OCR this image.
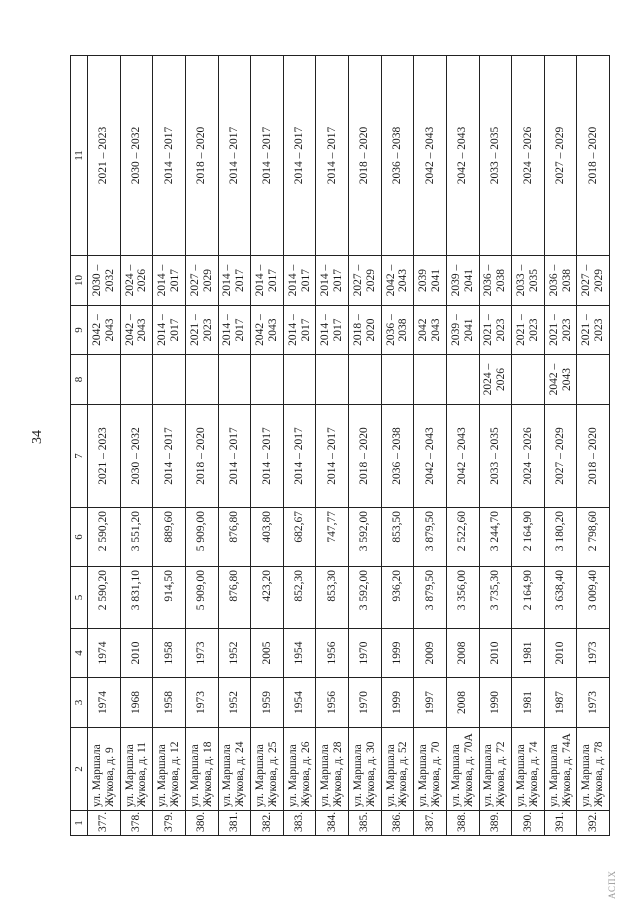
34
1	2	3	4	5	6	7	8	9	10	11
377.	ул. Маршала Жукова, д. 9	1974	1974	2 590,20	2 590,20	2021 – 2023		2042 – 2043	2030 – 2032	2021 – 2023
378.	ул. Маршала Жукова, д. 11	1968	2010	3 831,10	3 551,20	2030 – 2032		2042 – 2043	2024 – 2026	2030 – 2032
379.	ул. Маршала Жукова, д. 12	1958	1958	914,50	889,60	2014 – 2017		2014 – 2017	2014 – 2017	2014 – 2017
380.	ул. Маршала Жукова, д. 18	1973	1973	5 909,00	5 909,00	2018 – 2020		2021 – 2023	2027 – 2029	2018 – 2020
381.	ул. Маршала Жукова, д. 24	1952	1952	876,80	876,80	2014 – 2017		2014 – 2017	2014 – 2017	2014 – 2017
382.	ул. Маршала Жукова, д. 25	1959	2005	423,20	403,80	2014 – 2017		2042 – 2043	2014 – 2017	2014 – 2017
383.	ул. Маршала Жукова, д. 26	1954	1954	852,30	682,67	2014 – 2017		2014 – 2017	2014 – 2017	2014 – 2017
384.	ул. Маршала Жукова, д. 28	1956	1956	853,30	747,77	2014 – 2017		2014 – 2017	2014 – 2017	2014 – 2017
385.	ул. Маршала Жукова, д. 30	1970	1970	3 592,00	3 592,00	2018 – 2020		2018 – 2020	2027 – 2029	2018 – 2020
386.	ул. Маршала Жукова, д. 52	1999	1999	936,20	853,50	2036 – 2038		2036 – 2038	2042 – 2043	2036 – 2038
387.	ул. Маршала Жукова, д. 70	1997	2009	3 879,50	3 879,50	2042 – 2043		2042 2043	2039 2041	2042 – 2043
388.	ул. Маршала Жукова, д. 70А	2008	2008	3 356,00	2 522,60	2042 – 2043		2039 – 2041	2039 – 2041	2042 – 2043
389.	ул. Маршала Жукова, д. 72	1990	2010	3 735,30	3 244,70	2033 – 2035	2024 – 2026	2021 – 2023	2036 – 2038	2033 – 2035
390.	ул. Маршала Жукова, д. 74	1981	1981	2 164,90	2 164,90	2024 – 2026		2021 – 2023	2033 – 2035	2024 – 2026
391.	ул. Маршала Жукова, д. 74А	1987	2010	3 638,40	3 180,20	2027 – 2029	2042 – 2043	2021 – 2023	2036 – 2038	2027 – 2029
392.	ул. Маршала Жукова, д. 78	1973	1973	3 009,40	2 798,60	2018 – 2020		2021 – 2023	2027 – 2029	2018 – 2020
АСПХ
